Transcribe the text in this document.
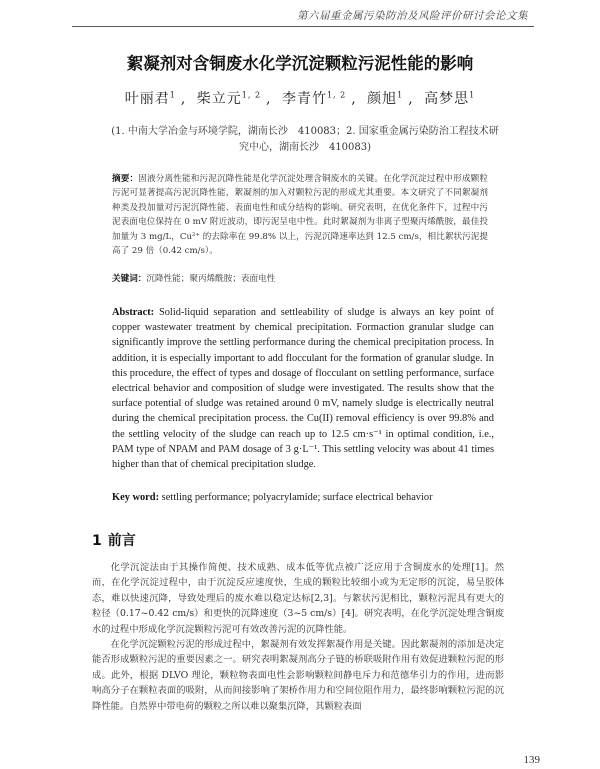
第六届重金属污染防治及风险评价研讨会论文集
絮凝剂对含铜废水化学沉淀颗粒污泥性能的影响
叶丽君$^1$ , 柴立元$^{1, 2}$ , 李青竹$^{1, 2}$ , 颜旭$^1$ , 高梦思$^1$
(1. 中南大学冶金与环境学院，湖南长沙　410083；2. 国家重金属污染防治工程技术研究中心，湖南长沙　410083)
摘要：固液分离性能和污泥沉降性能是化学沉淀处理含铜废水的关键。在化学沉淀过程中形成颗粒污泥可显著提高污泥沉降性能，絮凝剂的加入对颗粒污泥的形成尤其重要。本文研究了不同絮凝剂种类及投加量对污泥沉降性能、表面电性和成分结构的影响。研究表明，在优化条件下，过程中污泥表面电位保持在 0 mV 附近波动，即污泥呈电中性。此时絮凝剂为非离子型聚丙烯酰胺，最佳投加量为 3 mg/L，Cu²⁺ 的去除率在 99.8% 以上，污泥沉降速率达到 12.5 cm/s，相比絮状污泥提高了 29 倍（0.42 cm/s）。
关键词：沉降性能；聚丙烯酰胺；表面电性
Abstract: Solid-liquid separation and settleability of sludge is always an key point of copper wastewater treatment by chemical precipitation. Formaction granular sludge can significantly improve the settling performance during the chemical precipitation process. In addition, it is especially important to add flocculant for the formation of granular sludge. In this procedure, the effect of types and dosage of flocculant on settling performance, surface electrical behavior and composition of sludge were investigated. The results show that the surface potential of sludge was retained around 0 mV, namely sludge is electrically neutral during the chemical precipitation process. the Cu(II) removal efficiency is over 99.8% and the settling velocity of the sludge can reach up to 12.5 cm·s⁻¹ in optimal condition, i.e., PAM type of NPAM and PAM dosage of 3 g·L⁻¹. This settling velocity was about 41 times higher than that of chemical precipitation sludge.
Key word: settling performance; polyacrylamide; surface electrical behavior
1 前言

化学沉淀法由于其操作简便、技术成熟、成本低等优点被广泛应用于含铜废水的处理[1]。然而，在化学沉淀过程中，由于沉淀反应速度快，生成的颗粒比较细小或为无定形的沉淀，易呈胶体态，难以快速沉降，导致处理后的废水难以稳定达标[2,3]。与絮状污泥相比，颗粒污泥具有更大的粒径（0.17~0.42 cm/s）和更快的沉降速度（3~5 cm/s）[4]。研究表明，在化学沉淀处理含铜废水的过程中形成化学沉淀颗粒污泥可有效改善污泥的沉降性能。

在化学沉淀颗粒污泥的形成过程中，絮凝剂有效发挥絮凝作用是关键。因此絮凝剂的添加是决定能否形成颗粒污泥的重要因素之一。研究表明絮凝剂高分子链的桥联吸附作用有效促进颗粒污泥的形成。此外，根据 DLVO 理论，颗粒物表面电性会影响颗粒间静电斥力和范德华引力的作用，进而影响高分子在颗粒表面的吸附，从而间接影响了架桥作用力和空间位阻作用力，最终影响颗粒污泥的沉降性能。自然界中带电荷的颗粒之所以难以聚集沉降，其颗粒表面

139
